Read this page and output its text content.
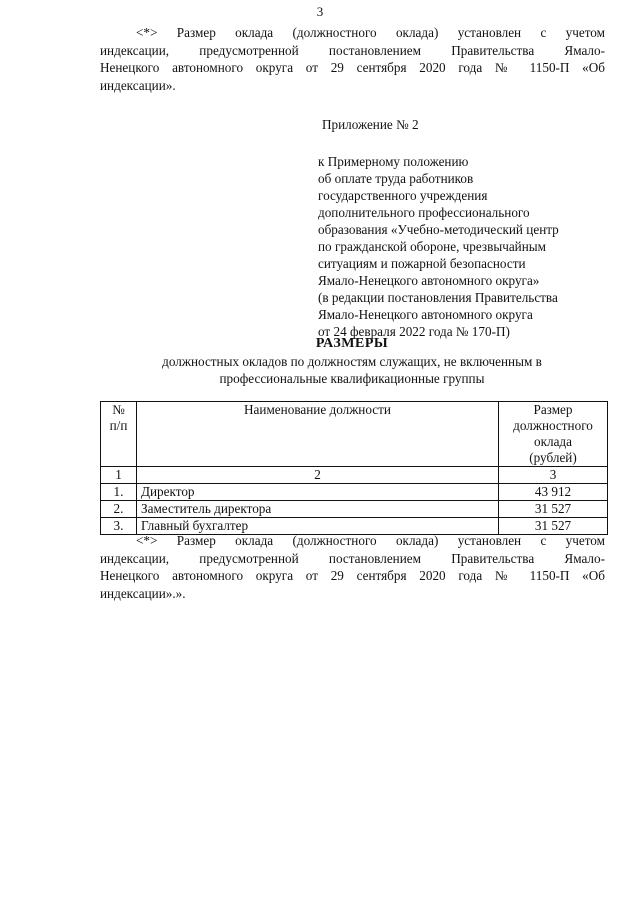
3
<*> Размер оклада (должностного оклада) установлен с учетом
индексации, предусмотренной постановлением Правительства Ямало-
Ненецкого автономного округа от 29 сентября 2020 года № 1150-П «Об
индексации».
Приложение № 2
к Примерному положению
об оплате труда работников
государственного учреждения
дополнительного профессионального
образования «Учебно-методический центр
по гражданской обороне, чрезвычайным
ситуациям и пожарной безопасности
Ямало-Ненецкого автономного округа»
(в редакции постановления Правительства
Ямало-Ненецкого автономного округа
от 24 февраля 2022 года № 170-П)
РАЗМЕРЫ
должностных окладов по должностям служащих, не включенным в
профессиональные квалификационные группы
№
п/п	Наименование должности	Размер
должностного
оклада
(рублей)

1	2	3
1.	Директор	43 912
2.	Заместитель директора	31 527
3.	Главный бухгалтер	31 527
<*> Размер оклада (должностного оклада) установлен с учетом
индексации, предусмотренной постановлением Правительства Ямало-
Ненецкого автономного округа от 29 сентября 2020 года № 1150-П «Об
индексации».».
